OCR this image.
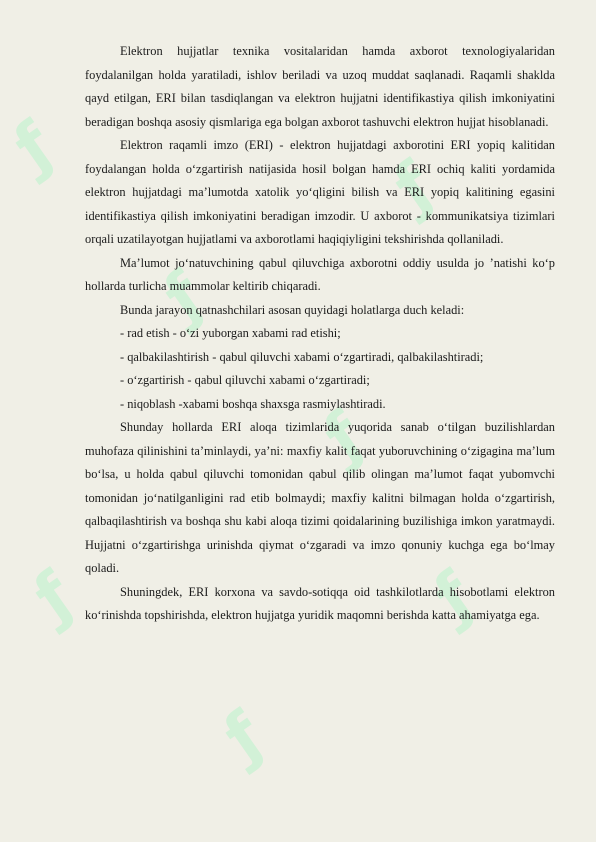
ƒ
ƒ
ƒ
ƒ
ƒ
ƒ
ƒ

Elektron hujjatlar texnika vositalaridan hamda axborot texnologiyalaridan foydalanilgan holda yaratiladi, ishlov beriladi va uzoq muddat saqlanadi. Raqamli shaklda qayd etilgan, ERI bilan tasdiqlangan va elektron hujjatni identifikastiya qilish imkoniyatini beradigan boshqa asosiy qismlariga ega bolgan axborot tashuvchi elektron hujjat hisoblanadi.

Elektron raqamli imzo (ERI) - elektron hujjatdagi axborotini ERI yopiq kalitidan foydalangan holda o‘zgartirish natijasida hosil bolgan hamda ERI ochiq kaliti yordamida elektron hujjatdagi ma’lumotda xatolik yo‘qligini bilish va ERI yopiq kalitining egasini identifikastiya qilish imkoniyatini beradigan imzodir. U axborot - kommunikatsiya tizimlari orqali uzatilayotgan hujjatlami va axborotlami haqiqiyligini tekshirishda qollaniladi.

Ma’lumot jo‘natuvchining qabul qiluvchiga axborotni oddiy usulda jo ’natishi ko‘p hollarda turlicha muammolar keltirib chiqaradi.

Bunda jarayon qatnashchilari asosan quyidagi holatlarga duch keladi:

- rad etish - o‘zi yuborgan xabami rad etishi;

- qalbakilashtirish - qabul qiluvchi xabami o‘zgartiradi, qalbakilashtiradi;

- o‘zgartirish - qabul qiluvchi xabami o‘zgartiradi;

- niqoblash -xabami boshqa shaxsga rasmiylashtiradi.

Shunday hollarda ERI aloqa tizimlarida yuqorida sanab o‘tilgan buzilishlardan muhofaza qilinishini ta’minlaydi, ya’ni: maxfiy kalit faqat yuboruvchining o‘zigagina ma’lum bo‘lsa, u holda qabul qiluvchi tomonidan qabul qilib olingan ma’lumot faqat yubomvchi tomonidan jo‘natilganligini rad etib bolmaydi; maxfiy kalitni bilmagan holda o‘zgartirish, qalbaqilashtirish va boshqa shu kabi aloqa tizimi qoidalarining buzilishiga imkon yaratmaydi. Hujjatni o‘zgartirishga urinishda qiymat o‘zgaradi va imzo qonuniy kuchga ega bo‘lmay qoladi.

Shuningdek, ERI korxona va savdo-sotiqqa oid tashkilotlarda hisobotlami elektron ko‘rinishda topshirishda, elektron hujjatga yuridik maqomni berishda katta ahamiyatga ega.
